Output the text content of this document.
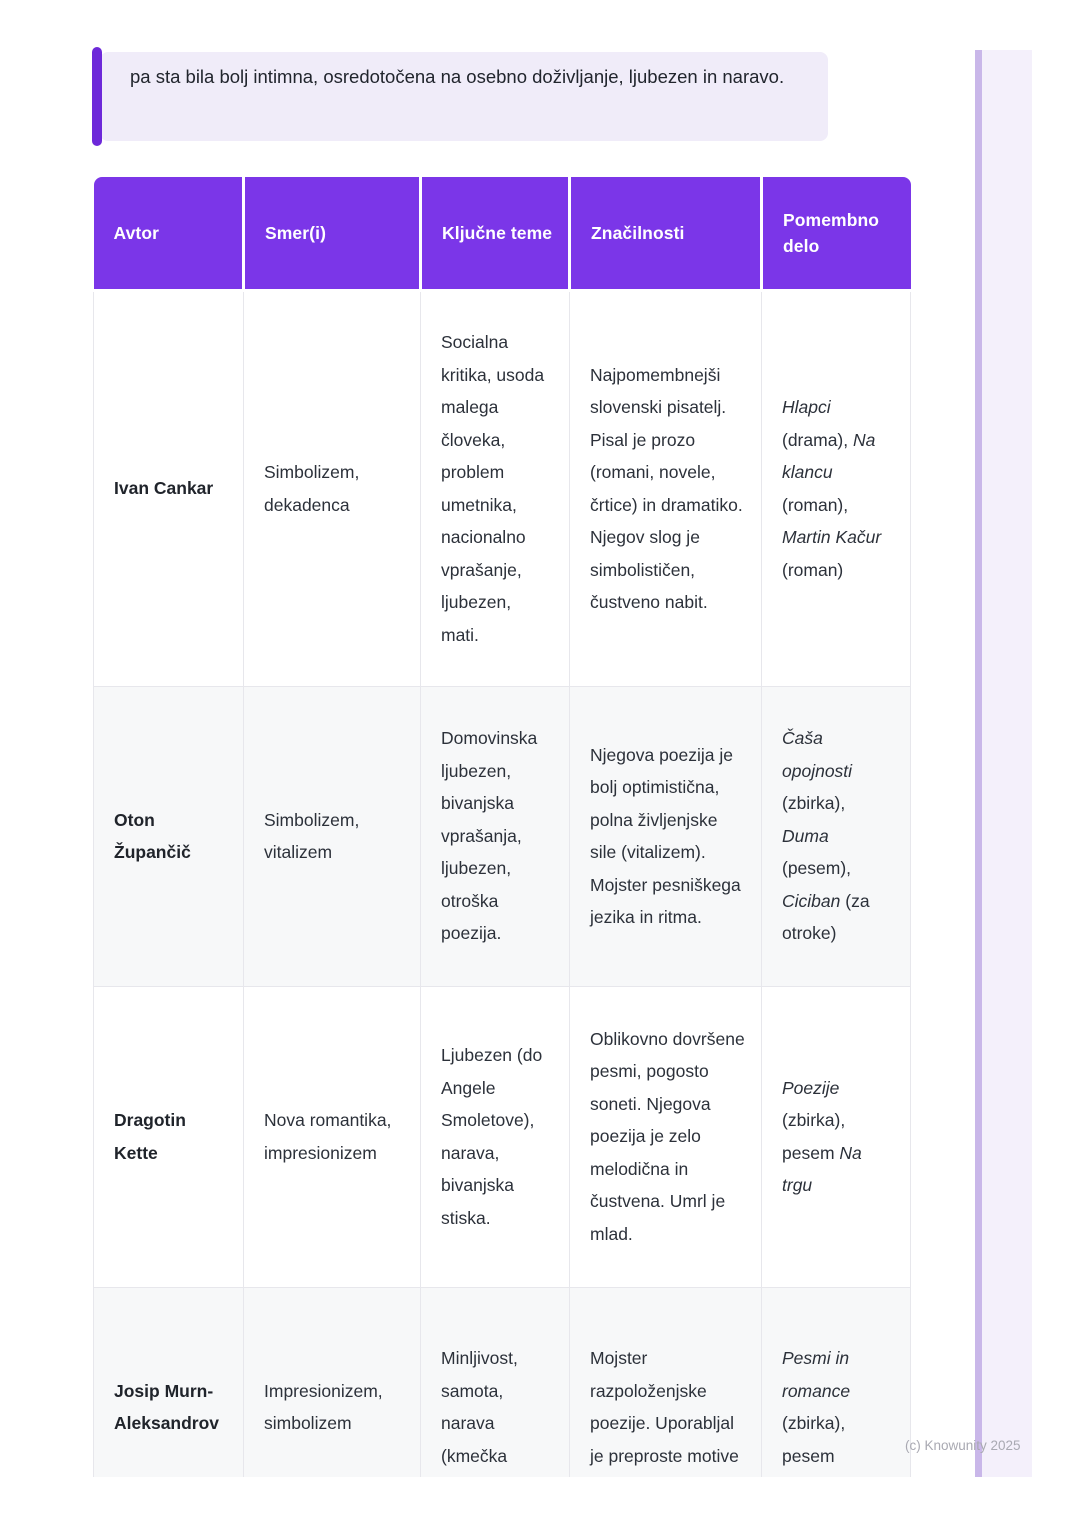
pa sta bila bolj intimna, osredotočena na osebno doživljanje, ljubezen in naravo.

Avtor	Smer(i)	Ključne teme	Značilnosti	Pomembno delo
Ivan Cankar	Simbolizem, dekadenca	Socialna kritika, usoda malega človeka, problem umetnika, nacionalno vprašanje, ljubezen, mati.	Najpomembnejši slovenski pisatelj. Pisal je prozo (romani, novele, črtice) in dramatiko. Njegov slog je simbolističen, čustveno nabit.	Hlapci (drama), Na klancu (roman), Martin Kačur (roman)
Oton Župančič	Simbolizem, vitalizem	Domovinska ljubezen, bivanjska vprašanja, ljubezen, otroška poezija.	Njegova poezija je bolj optimistična, polna življenjske sile (vitalizem). Mojster pesniškega jezika in ritma.	Čaša opojnosti (zbirka), Duma (pesem), Ciciban (za otroke)
Dragotin Kette	Nova romantika, impresionizem	Ljubezen (do Angele Smoletove), narava, bivanjska stiska.	Oblikovno dovršene pesmi, pogosto soneti. Njegova poezija je zelo melodična in čustvena. Umrl je mlad.	Poezije (zbirka), pesem Na trgu
Josip Murn-Aleksandrov	Impresionizem, simbolizem	Minljivost, samota, narava (kmečka	Mojster razpoloženjske poezije. Uporabljal je preproste motive	Pesmi in romance (zbirka), pesem	(c) Knowunity 2025
